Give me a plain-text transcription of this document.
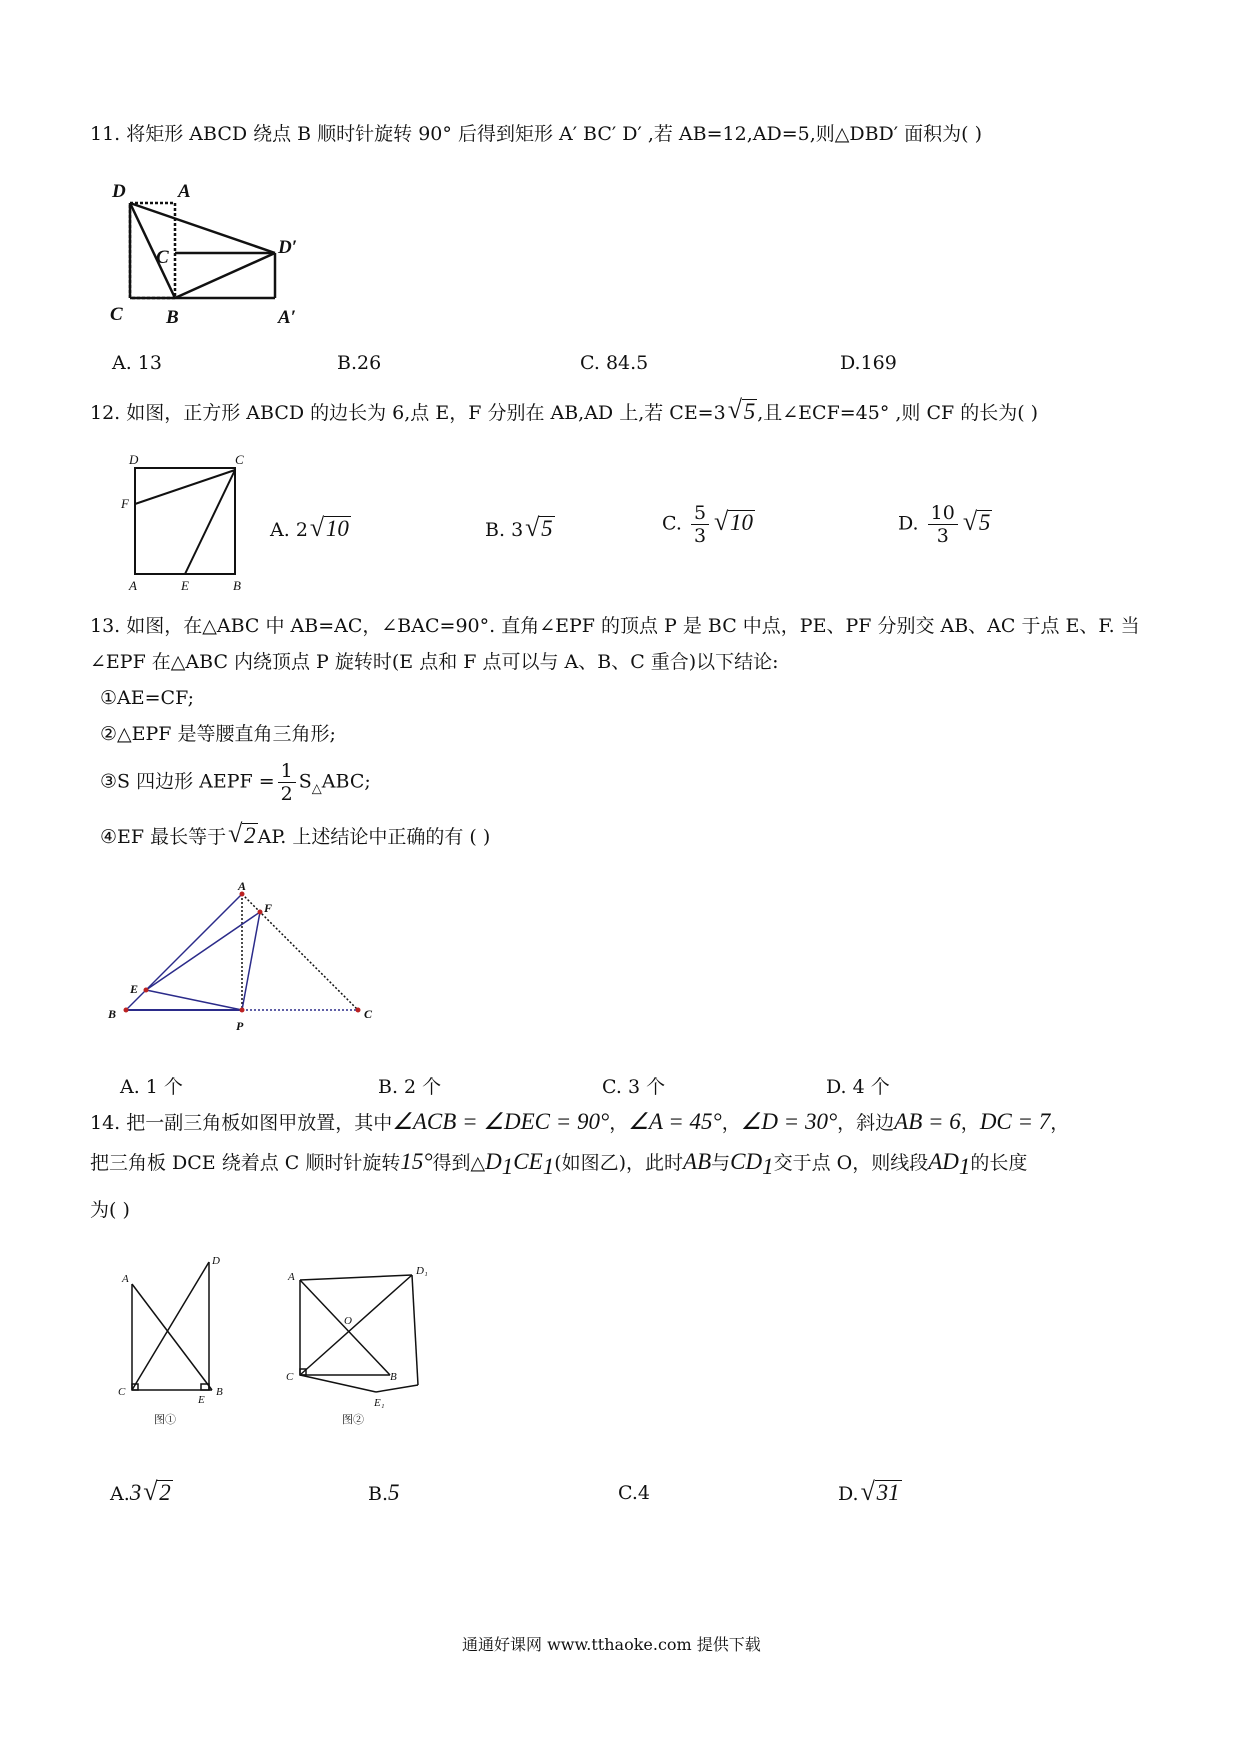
11. 将矩形 ABCD 绕点 B 顺时针旋转 90° 后得到矩形 A′ BC′ D′ ,若 AB=12,AD=5,则△DBD′ 面积为( )
D	A
C	D′
C B	A′
A. 13	B.26	C. 84.5	D.169
12. 如图，正方形 ABCD 的边长为 6,点 E，F 分别在 AB,AD 上,若 CE=3 √ 5 ,且∠ECF=45° ,则 CF 的长为( )
D	C
F
A	E	B
A. 2 √ 10	B. 3 √ 5	C. $\frac{5}{3}$ √ 10	D. $\frac{10}{3}$ √ 5
13. 如图，在△ABC 中 AB=AC，∠BAC=90°. 直角∠EPF 的顶点 P 是 BC 中点，PE、PF 分别交 AB、AC 于点 E、F. 当
∠EPF 在△ABC 内绕顶点 P 旋转时(E 点和 F 点可以与 A、B、C 重合)以下结论:
①AE=CF;
②△EPF 是等腰直角三角形;
③S 四边形 AEPF = $\frac{1}{2} S_\triangle ABC$;
④EF 最长等于 √ 2 AP. 上述结论中正确的有 ( )
A
F
E
B
P
C
A. 1 个	B. 2 个	C. 3 个	D. 4 个
14. 把一副三角板如图甲放置，其中∠ACB = ∠DEC = 90°，∠A = 45°，∠D = 30°，斜边AB = 6，DC = 7，
把三角板 DCE 绕着点 C 顺时针旋转15°得到$\triangle D_1CE_1$(如图乙)，此时AB与$CD_1$交于点 O，则线段$AD_1$的长度
为( )
D
A
C
E
B
图①
A	D₁
O
C	B
E₁
图②
A.3 √ 2	B.5	C.4	D. √ 31
通通好课网 www.tthaoke.com 提供下载
